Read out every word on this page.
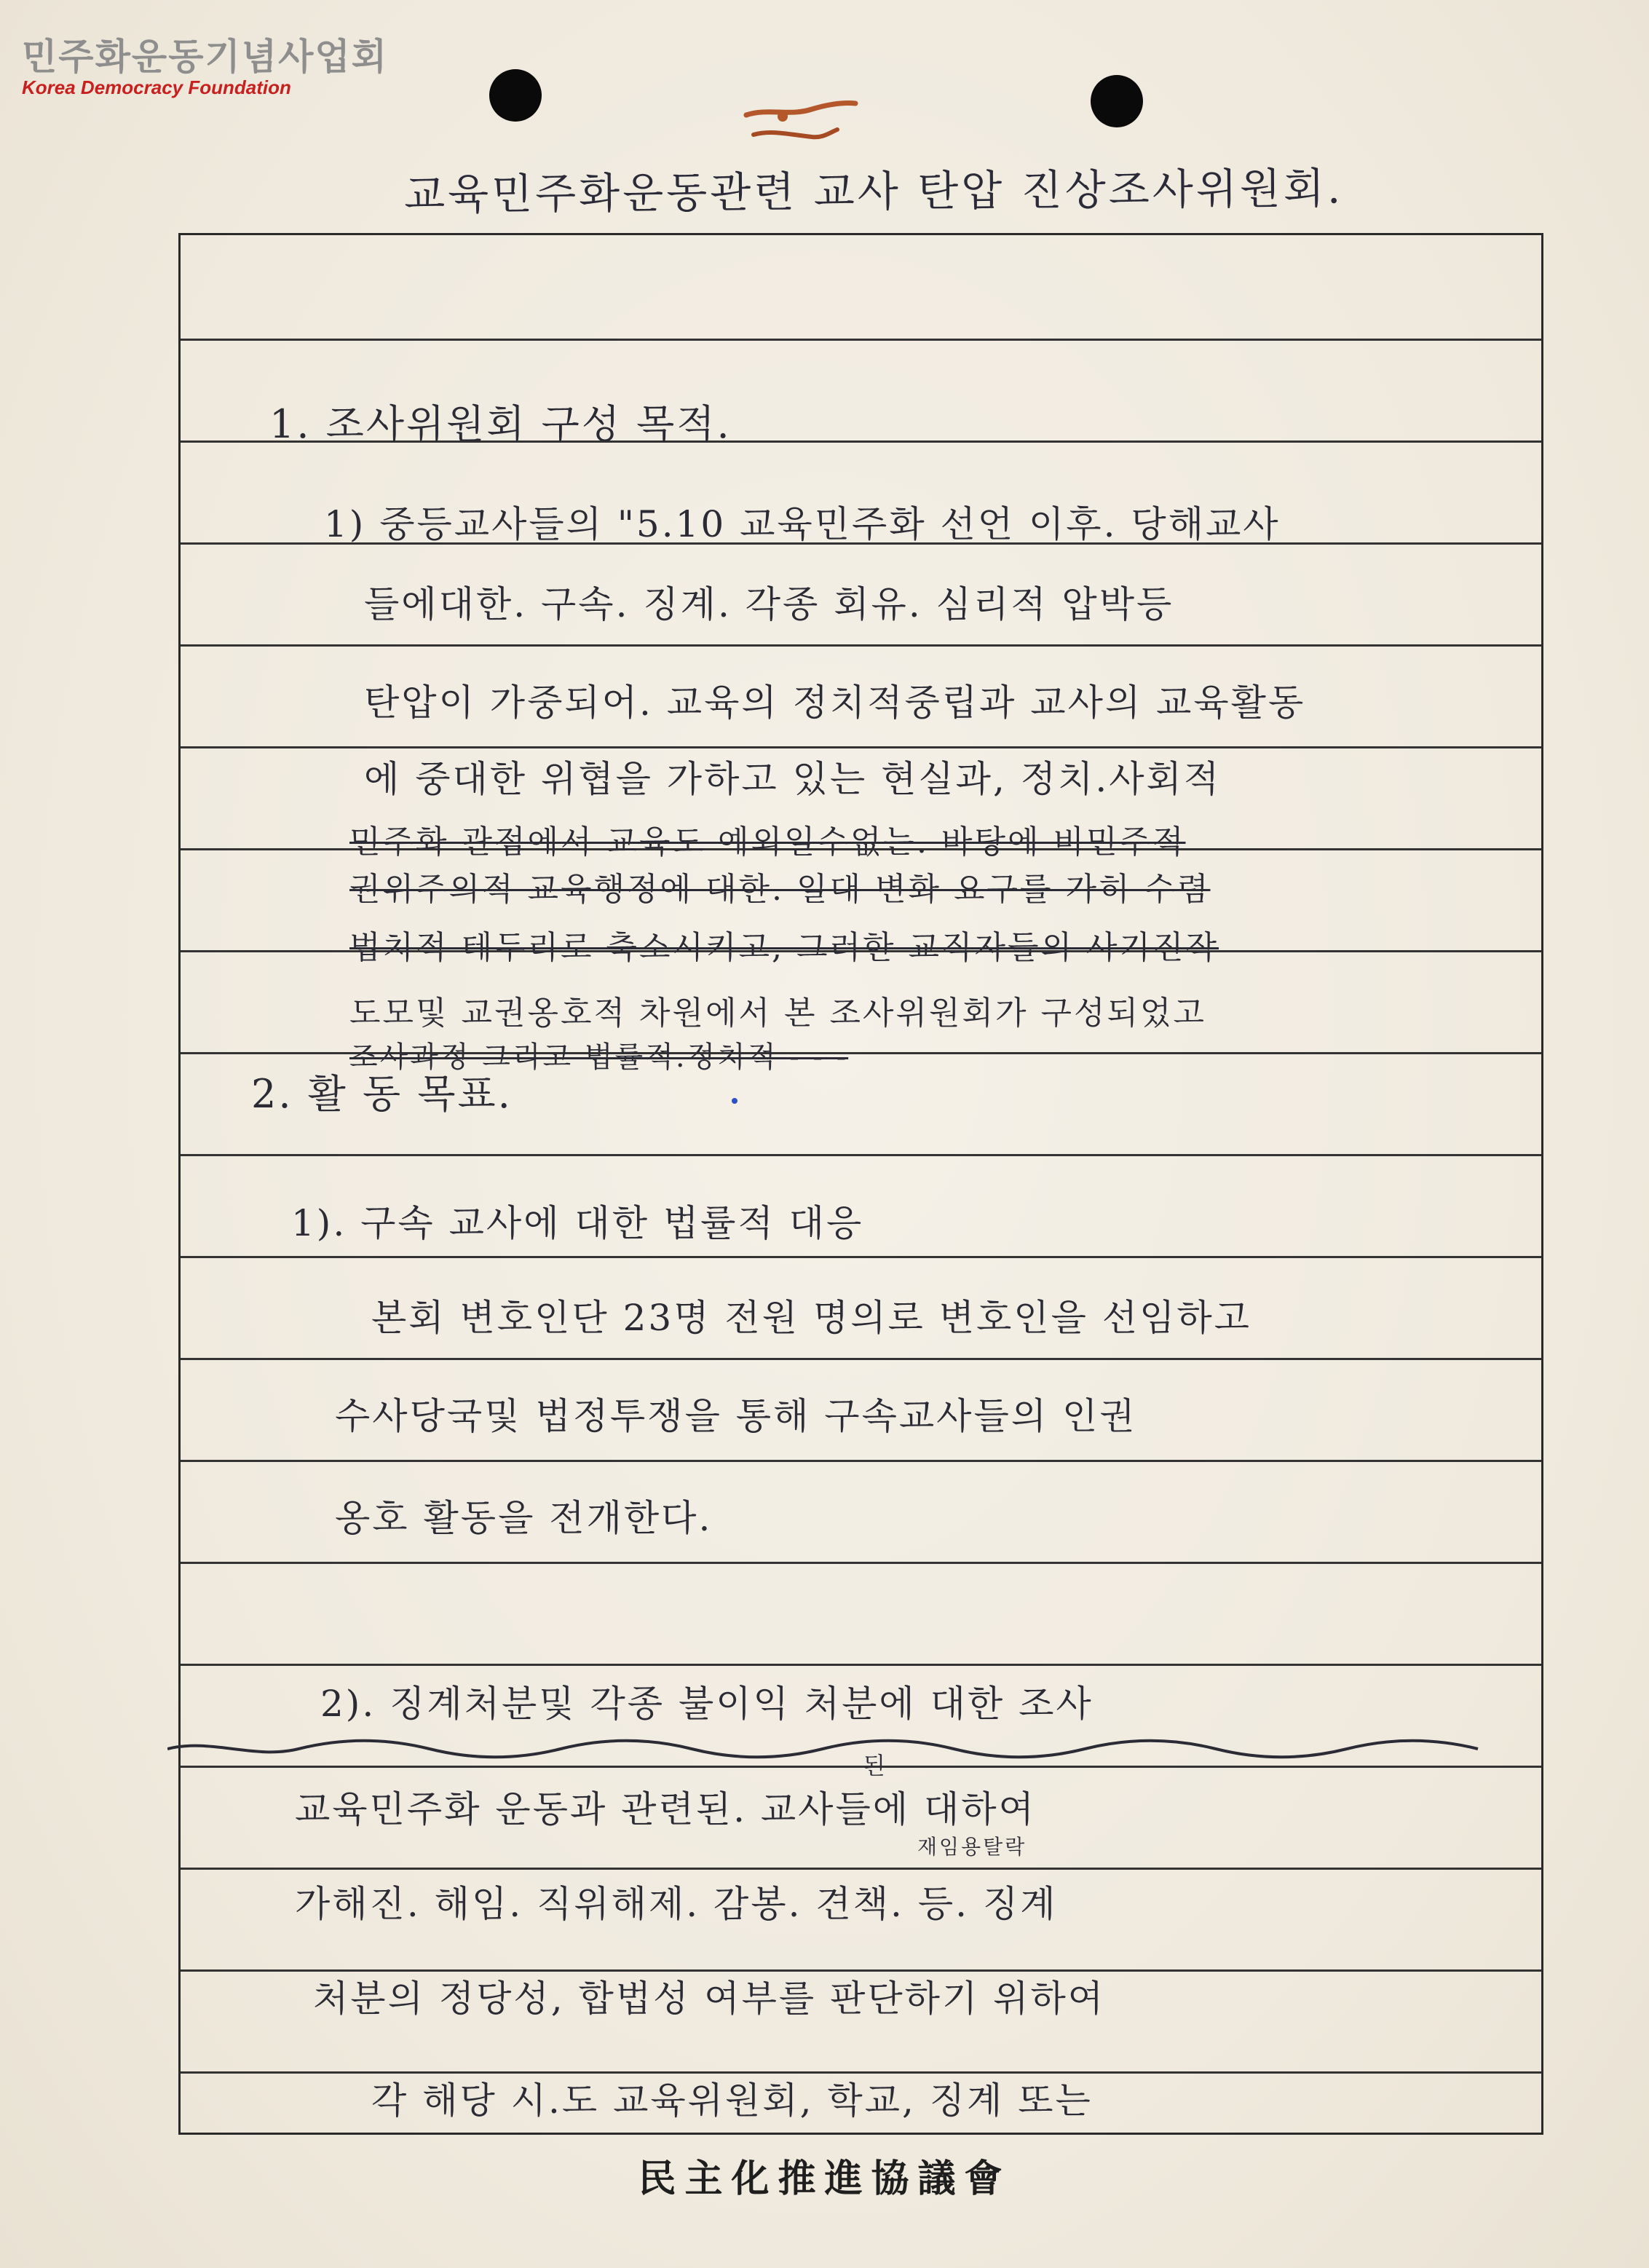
민주화운동기념사업회
Korea Democracy Foundation
교육민주화운동관련 교사 탄압 진상조사위원회.
1. 조사위원회 구성 목적.
1) 중등교사들의 "5.10 교육민주화 선언 이후. 당해교사
들에대한. 구속. 징계. 각종 회유. 심리적 압박등
탄압이 가중되어. 교육의 정치적중립과 교사의 교육활동
에 중대한 위협을 가하고 있는 현실과, 정치.사회적
민주화 관점에서 교육도 예외일수없는. 바탕에 비민주적
권위주의적 교육행정에 대한. 일대 변화 요구를 가히 수렴
법치적 테두리로 축소시키고, 그러한 교직자들의 사기진작
도모및 교권옹호적 차원에서 본 조사위원회가 구성되었고
조사과정 그리고 법률적.정치적 - - -
2. 활 동 목표.
1). 구속 교사에 대한 법률적 대응
본회 변호인단 23명 전원 명의로 변호인을 선임하고
수사당국및 법정투쟁을 통해 구속교사들의 인권
옹호 활동을 전개한다.
2). 징계처분및 각종 불이익 처분에 대한 조사
된
교육민주화 운동과 관련된. 교사들에 대하여
재임용탈락
가해진. 해임. 직위해제. 감봉. 견책. 등. 징계
처분의 정당성, 합법성 여부를 판단하기 위하여
각 해당 시.도 교육위원회, 학교, 징계 또는
民主化推進協議會
